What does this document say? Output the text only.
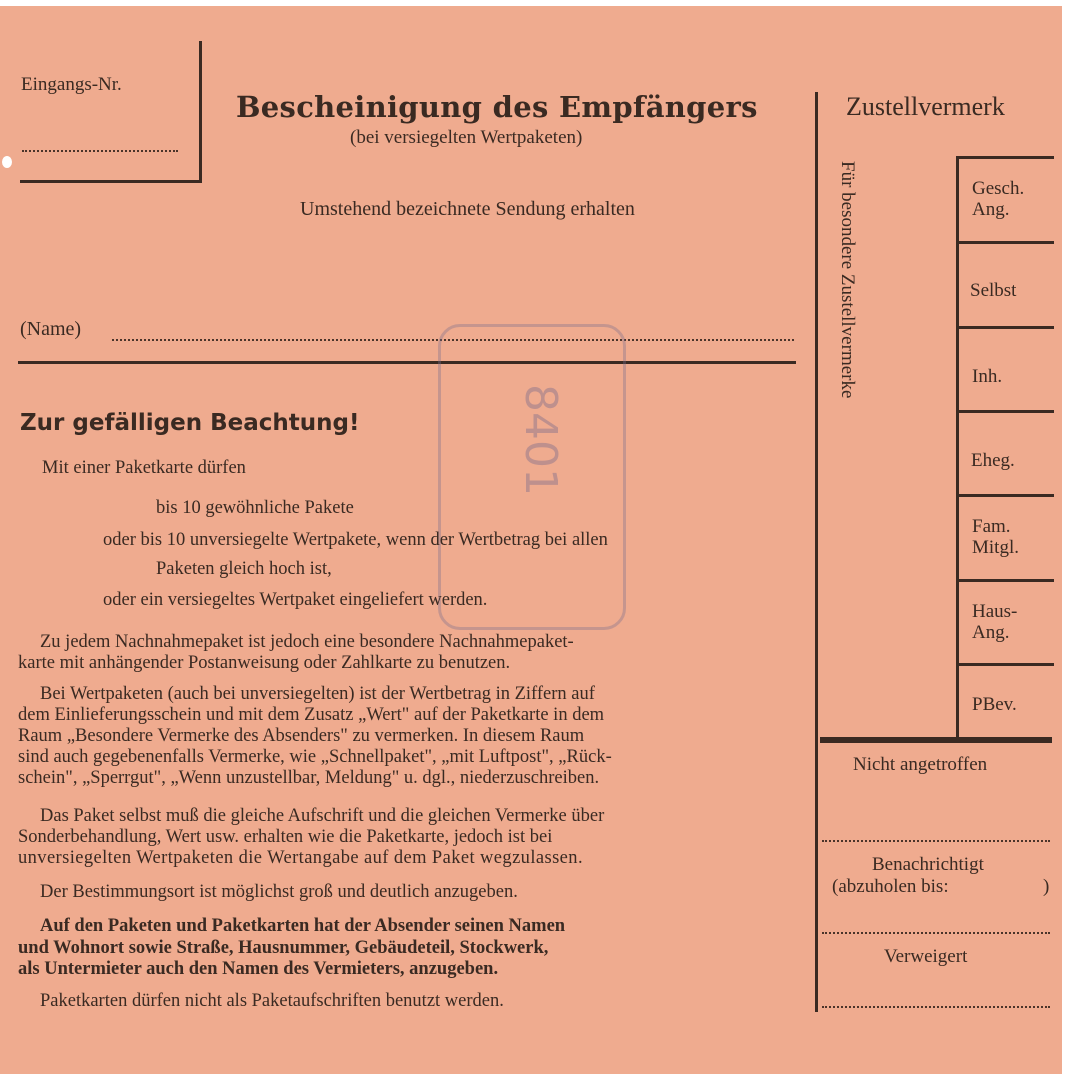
Eingangs-Nr.
Bescheinigung des Empfängers
(bei versiegelten Wertpaketen)
Umstehend bezeichnete Sendung erhalten
(Name)
8401
Zur gefälligen Beachtung!
Mit einer Paketkarte dürfen
bis 10 gewöhnliche Pakete
oder bis 10 unversiegelte Wertpakete, wenn der Wertbetrag bei allen
Paketen gleich hoch ist,
oder ein versiegeltes Wertpaket eingeliefert werden.
Zu jedem Nachnahmepaket ist jedoch eine besondere Nachnahmepaket-
karte mit anhängender Postanweisung oder Zahlkarte zu benutzen.
Bei Wertpaketen (auch bei unversiegelten) ist der Wertbetrag in Ziffern auf
dem Einlieferungsschein und mit dem Zusatz „Wert" auf der Paketkarte in dem
Raum „Besondere Vermerke des Absenders" zu vermerken. In diesem Raum
sind auch gegebenenfalls Vermerke, wie „Schnellpaket", „mit Luftpost", „Rück-
schein", „Sperrgut", „Wenn unzustellbar, Meldung" u. dgl., niederzuschreiben.
Das Paket selbst muß die gleiche Aufschrift und die gleichen Vermerke über
Sonderbehandlung, Wert usw. erhalten wie die Paketkarte, jedoch ist bei
unversiegelten Wertpaketen die Wertangabe auf dem Paket wegzulassen.
Der Bestimmungsort ist möglichst groß und deutlich anzugeben.
Auf den Paketen und Paketkarten hat der Absender seinen Namen
und Wohnort sowie Straße, Hausnummer, Gebäudeteil, Stockwerk,
als Untermieter auch den Namen des Vermieters, anzugeben.
Paketkarten dürfen nicht als Paketaufschriften benutzt werden.
Zustellvermerk
Für besondere Zustellvermerke	Gesch.
Ang.
Selbst
Inh.
Eheg.
Fam.
Mitgl.
Haus-
Ang.
PBev.
Nicht angetroffen
Benachrichtigt
(abzuholen bis:	)
Verweigert
